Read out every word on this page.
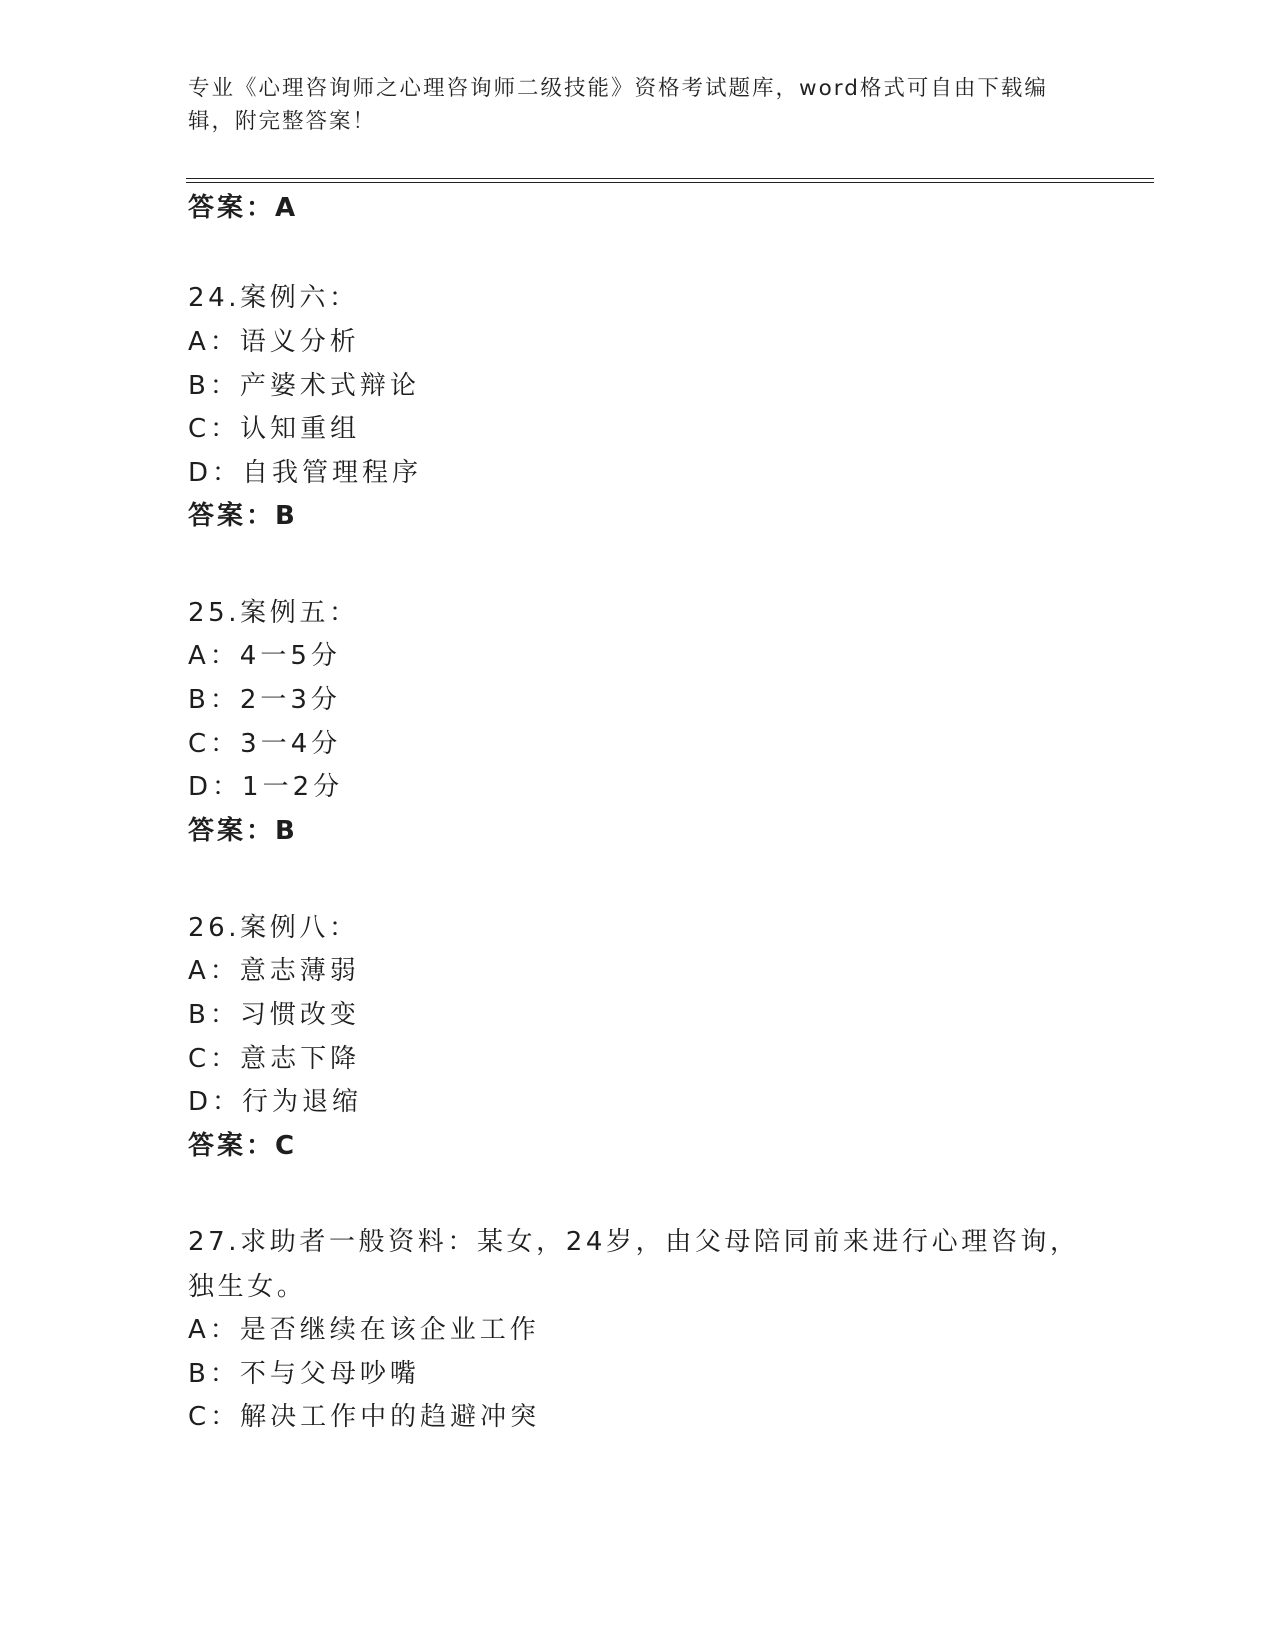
专业《心理咨询师之心理咨询师二级技能》资格考试题库，word格式可自由下载编辑，附完整答案！
答案：A
24.案例六：
A：语义分析
B：产婆术式辩论
C：认知重组
D：自我管理程序
答案：B
25.案例五：
A：4一5分
B：2一3分
C：3一4分
D：1一2分
答案：B
26.案例八：
A：意志薄弱
B：习惯改变
C：意志下降
D：行为退缩
答案：C
27.求助者一般资料：某女，24岁，由父母陪同前来进行心理咨询，独生女。
A：是否继续在该企业工作
B：不与父母吵嘴
C：解决工作中的趋避冲突
